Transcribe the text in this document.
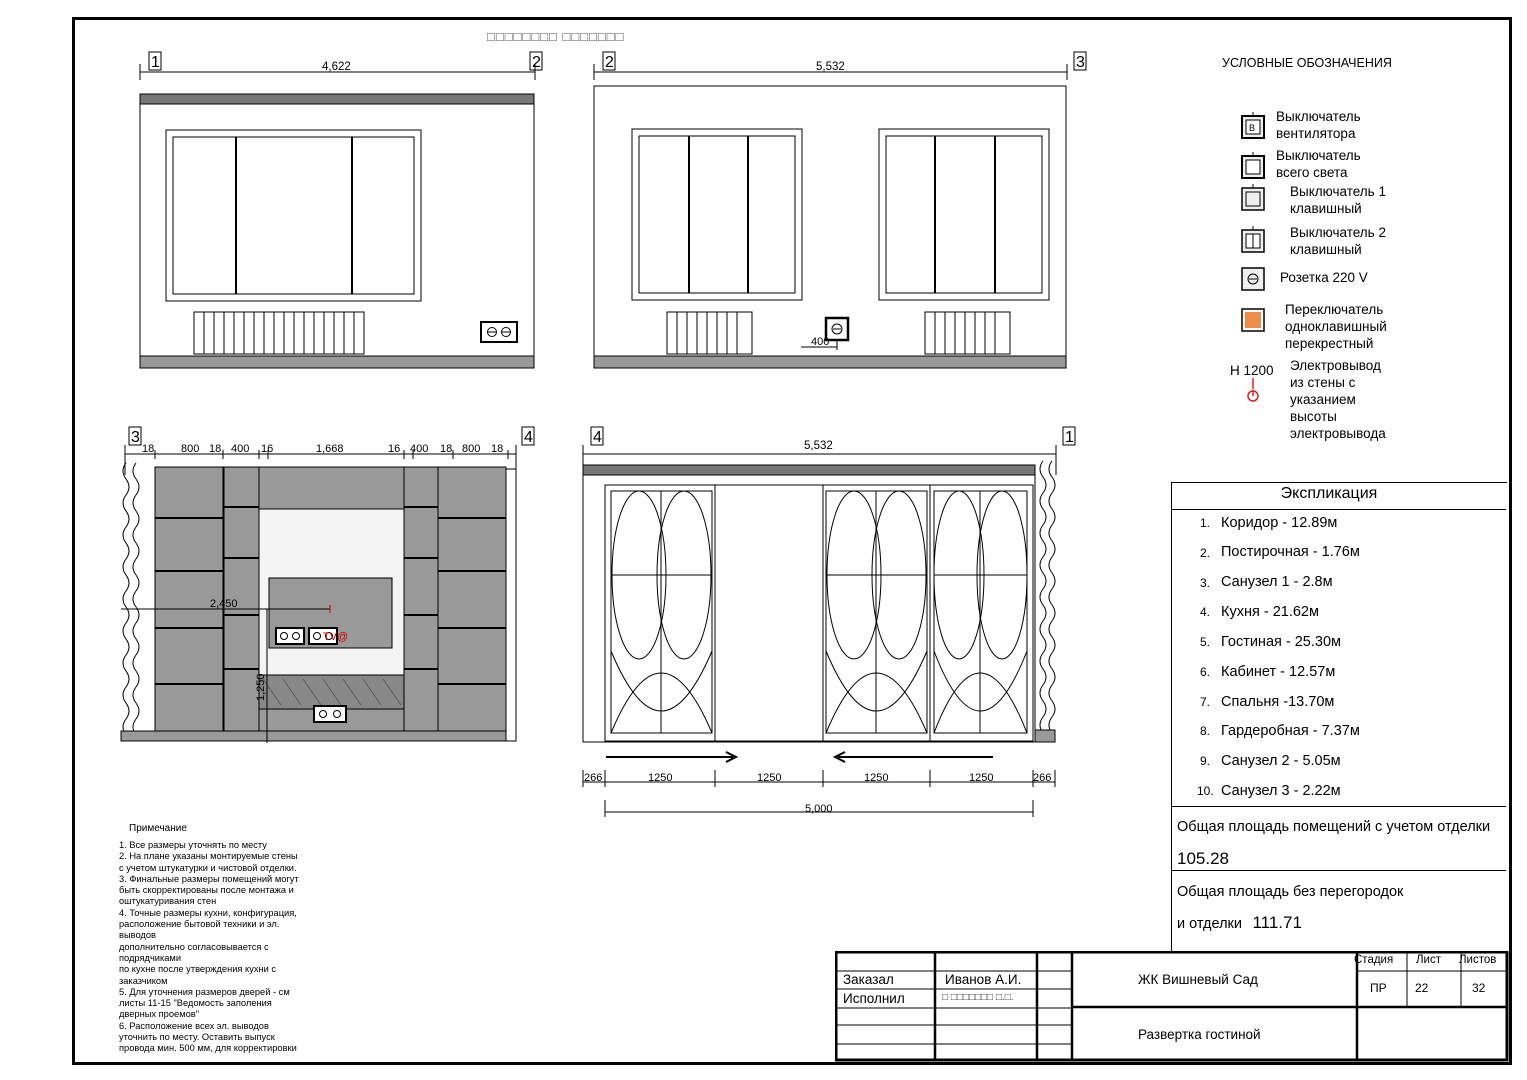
□□□□□□□□ □□□□□□□
1	2
4,622	2	3
5,532
400
3	4
18 800 18 400 16	1,668	16 400 18 800 18
2,450
1,250
TV@
4	1
5,532
266	1250	1250	1250	1250	266
5,000
УСЛОВНЫЕ ОБОЗНАЧЕНИЯ
В
Выключатель
вентилятора
Выключатель
всего света
Выключатель 1
клавишный
Выключатель 2
клавишный
Розетка 220 V
Переключатель
одноклавишный
перекрестный
Н 1200 Электровывод
из стены с
указанием
высоты
электровывода
Экспликация
1. Коридор - 12.89м
2. Постирочная - 1.76м
3. Санузел 1 - 2.8м
4. Кухня - 21.62м
5. Гостиная - 25.30м
6. Кабинет - 12.57м
7. Спальня -13.70м
8. Гардеробная - 7.37м
9. Санузел 2 - 5.05м
10. Санузел 3 - 2.22м
Общая площадь помещений с учетом отделки
105.28
Общая площадь без перегородок
и отделки 111.71
Примечание
1. Все размеры уточнять по месту
2. На плане указаны монтируемые стены
с учетом штукатурки и чистовой отделки.
3. Финальные размеры помещений могут
быть скорректированы после монтажа и
оштукатуривания стен
4. Точные размеры кухни, конфигурация,
расположение бытовой техники и эл.
выводов
дополнительно согласовывается с
подрядчиками
по кухне после утверждения кухни с
заказчиком
5. Для уточнения размеров дверей - см
листы 11-15 "Ведомость заполения
дверных проемов"
6. Расположение всех эл. выводов
уточнить по месту. Оставить выпуск
провода мин. 500 мм, для корректировки
Заказал	Иванов А.И.
Исполнил	□ □□□□□□□ □.□.
ЖК Вишневый Сад
Развертка гостиной
Стадия Лист Листов
ПР 22	32
